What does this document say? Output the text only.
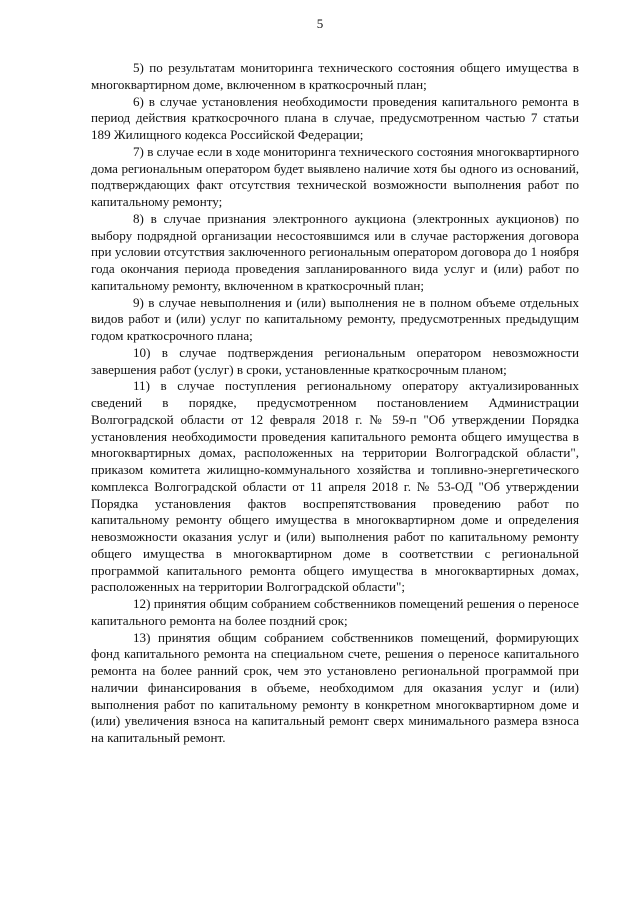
5

5) по результатам мониторинга технического состояния общего имущества в многоквартирном доме, включенном в краткосрочный план;

6) в случае установления необходимости проведения капитального ремонта в период действия краткосрочного плана в случае, предусмотренном частью 7 статьи 189 Жилищного кодекса Российской Федерации;

7) в случае если в ходе мониторинга технического состояния многоквартирного дома региональным оператором будет выявлено наличие хотя бы одного из оснований, подтверждающих факт отсутствия технической возможности выполнения работ по капитальному ремонту;

8) в случае признания электронного аукциона (электронных аукционов) по выбору подрядной организации несостоявшимся или в случае расторжения договора при условии отсутствия заключенного региональным оператором договора до 1 ноября года окончания периода проведения запланированного вида услуг и (или) работ по капитальному ремонту, включенном в краткосрочный план;

9) в случае невыполнения и (или) выполнения не в полном объеме отдельных видов работ и (или) услуг по капитальному ремонту, предусмотренных предыдущим годом краткосрочного плана;

10) в случае подтверждения региональным оператором невозможности завершения работ (услуг) в сроки, установленные краткосрочным планом;

11) в случае поступления региональному оператору актуализированных сведений в порядке, предусмотренном постановлением Администрации Волгоградской области от 12 февраля 2018 г. № 59-п "Об утверждении Порядка установления необходимости проведения капитального ремонта общего имущества в многоквартирных домах, расположенных на территории Волгоградской области", приказом комитета жилищно-коммунального хозяйства и топливно-энергетического комплекса Волгоградской области от 11 апреля 2018 г. № 53-ОД "Об утверждении Порядка установления фактов воспрепятствования проведению работ по капитальному ремонту общего имущества в многоквартирном доме и определения невозможности оказания услуг и (или) выполнения работ по капитальному ремонту общего имущества в многоквартирном доме в соответствии с региональной программой капитального ремонта общего имущества в многоквартирных домах, расположенных на территории Волгоградской области";

12) принятия общим собранием собственников помещений решения о переносе капитального ремонта на более поздний срок;

13) принятия общим собранием собственников помещений, формирующих фонд капитального ремонта на специальном счете, решения о переносе капитального ремонта на более ранний срок, чем это установлено региональной программой при наличии финансирования в объеме, необходимом для оказания услуг и (или) выполнения работ по капитальному ремонту в конкретном многоквартирном доме и (или) увеличения взноса на капитальный ремонт сверх минимального размера взноса на капитальный ремонт.
